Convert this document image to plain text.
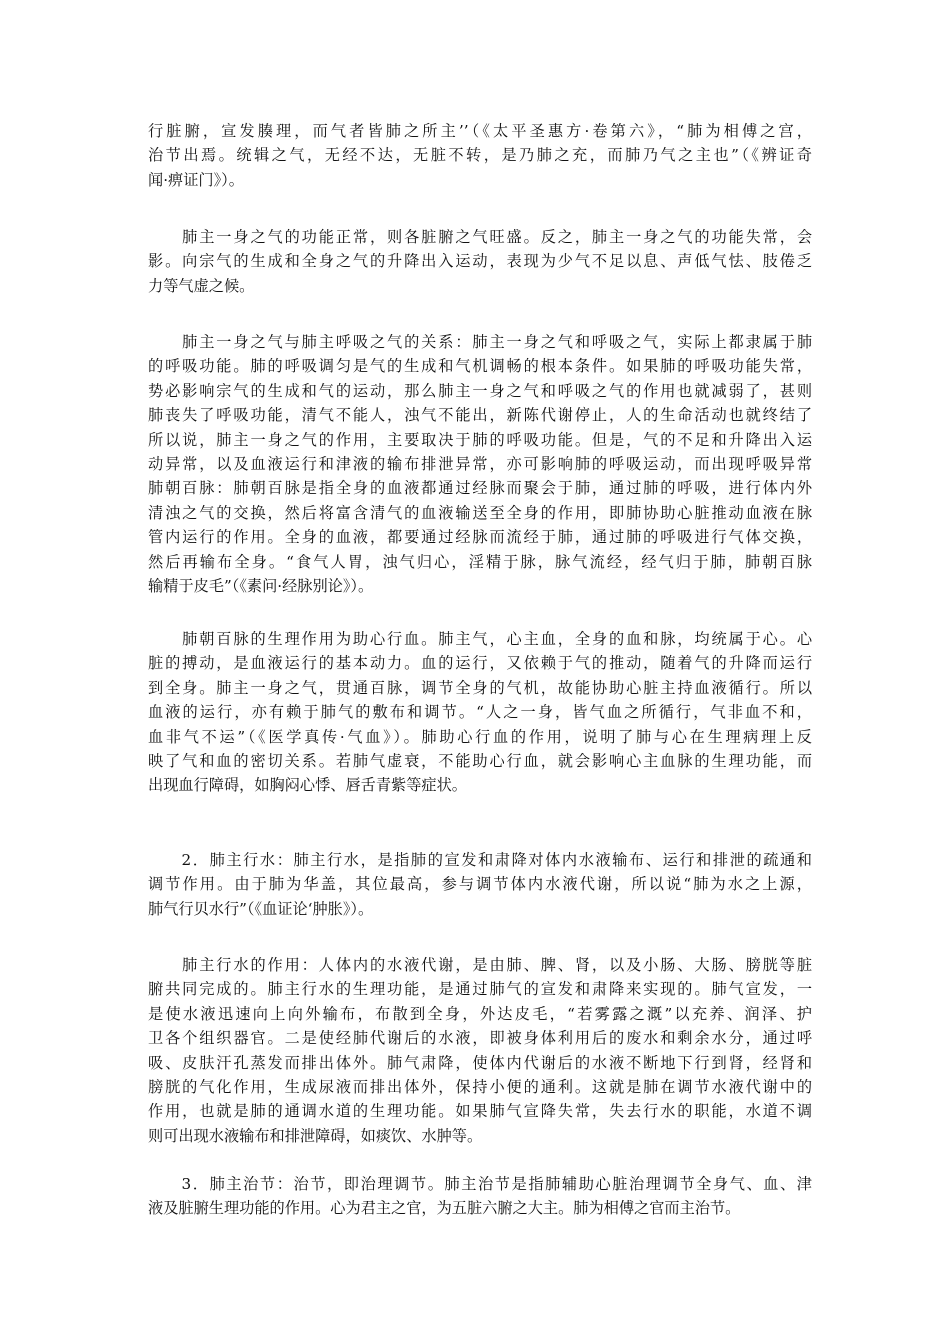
行脏腑，宣发腠理，而气者皆肺之所主’’（《太平圣惠方·卷第六》，“肺为相傅之宫，
治节出焉。统辑之气，无经不达，无脏不转，是乃肺之充，而肺乃气之主也”（《辨证奇
闻·痹证门》）。
　　肺主一身之气的功能正常，则各脏腑之气旺盛。反之，肺主一身之气的功能失常，会
影。向宗气的生成和全身之气的升降出入运动，表现为少气不足以息、声低气怯、肢倦乏
力等气虚之候。
　　肺主一身之气与肺主呼吸之气的关系：肺主一身之气和呼吸之气，实际上都隶属于肺
的呼吸功能。肺的呼吸调匀是气的生成和气机调畅的根本条件。如果肺的呼吸功能失常，
势必影响宗气的生成和气的运动，那么肺主一身之气和呼吸之气的作用也就减弱了，甚则
肺丧失了呼吸功能，清气不能人，浊气不能出，新陈代谢停止，人的生命活动也就终结了
所以说，肺主一身之气的作用，主要取决于肺的呼吸功能。但是，气的不足和升降出入运
动异常，以及血液运行和津液的输布排泄异常，亦可影响肺的呼吸运动，而出现呼吸异常
肺朝百脉：肺朝百脉是指全身的血液都通过经脉而聚会于肺，通过肺的呼吸，进行体内外
清浊之气的交换，然后将富含清气的血液输送至全身的作用，即肺协助心脏推动血液在脉
管内运行的作用。全身的血液，都要通过经脉而流经于肺，通过肺的呼吸进行气体交换，
然后再输布全身。“食气人胃，浊气归心，淫精于脉，脉气流经，经气归于肺，肺朝百脉
输精于皮毛”（《素问·经脉别论》）。
　　肺朝百脉的生理作用为助心行血。肺主气，心主血，全身的血和脉，均统属于心。心
脏的搏动，是血液运行的基本动力。血的运行，又依赖于气的推动，随着气的升降而运行
到全身。肺主一身之气，贯通百脉，调节全身的气机，故能协助心脏主持血液循行。所以
血液的运行，亦有赖于肺气的敷布和调节。“人之一身，皆气血之所循行，气非血不和，
血非气不运”（《医学真传·气血》）。肺助心行血的作用，说明了肺与心在生理病理上反
映了气和血的密切关系。若肺气虚衰，不能助心行血，就会影响心主血脉的生理功能，而
出现血行障碍，如胸闷心悸、唇舌青紫等症状。
　　2．肺主行水：肺主行水，是指肺的宣发和肃降对体内水液输布、运行和排泄的疏通和
调节作用。由于肺为华盖，其位最高，参与调节体内水液代谢，所以说“肺为水之上源，
肺气行贝水行”（《血证论‘肿胀》）。
　　肺主行水的作用：人体内的水液代谢，是由肺、脾、肾，以及小肠、大肠、膀胱等脏
腑共同完成的。肺主行水的生理功能，是通过肺气的宣发和肃降来实现的。肺气宣发，一
是使水液迅速向上向外输布，布散到全身，外达皮毛，“若雾露之溉”以充养、润泽、护
卫各个组织器官。二是使经肺代谢后的水液，即被身体利用后的废水和剩余水分，通过呼
吸、皮肤汗孔蒸发而排出体外。肺气肃降，使体内代谢后的水液不断地下行到肾，经肾和
膀胱的气化作用，生成尿液而排出体外，保持小便的通利。这就是肺在调节水液代谢中的
作用，也就是肺的通调水道的生理功能。如果肺气宣降失常，失去行水的职能，水道不调
则可出现水液输布和排泄障碍，如痰饮、水肿等。
　　3．肺主治节：治节，即治理调节。肺主治节是指肺辅助心脏治理调节全身气、血、津
液及脏腑生理功能的作用。心为君主之官，为五脏六腑之大主。肺为相傅之官而主治节。
